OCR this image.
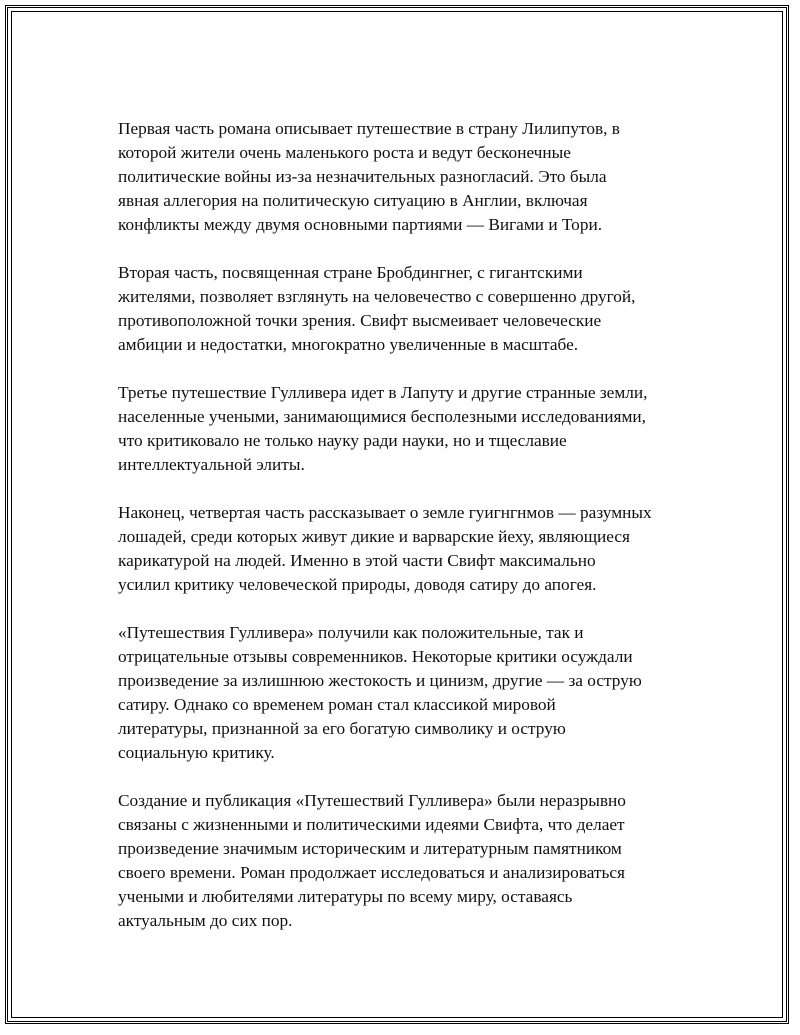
Первая часть романа описывает путешествие в страну Лилипутов, в
которой жители очень маленького роста и ведут бесконечные
политические войны из-за незначительных разногласий. Это была
явная аллегория на политическую ситуацию в Англии, включая
конфликты между двумя основными партиями — Вигами и Тори.

Вторая часть, посвященная стране Бробдингнег, с гигантскими
жителями, позволяет взглянуть на человечество с совершенно другой,
противоположной точки зрения. Свифт высмеивает человеческие
амбиции и недостатки, многократно увеличенные в масштабе.

Третье путешествие Гулливера идет в Лапуту и другие странные земли,
населенные учеными, занимающимися бесполезными исследованиями,
что критиковало не только науку ради науки, но и тщеславие
интеллектуальной элиты.

Наконец, четвертая часть рассказывает о земле гуигнгнмов — разумных
лошадей, среди которых живут дикие и варварские йеху, являющиеся
карикатурой на людей. Именно в этой части Свифт максимально
усилил критику человеческой природы, доводя сатиру до апогея.

«Путешествия Гулливера» получили как положительные, так и
отрицательные отзывы современников. Некоторые критики осуждали
произведение за излишнюю жестокость и цинизм, другие — за острую
сатиру. Однако со временем роман стал классикой мировой
литературы, признанной за его богатую символику и острую
социальную критику.

Создание и публикация «Путешествий Гулливера» были неразрывно
связаны с жизненными и политическими идеями Свифта, что делает
произведение значимым историческим и литературным памятником
своего времени. Роман продолжает исследоваться и анализироваться
учеными и любителями литературы по всему миру, оставаясь
актуальным до сих пор.
